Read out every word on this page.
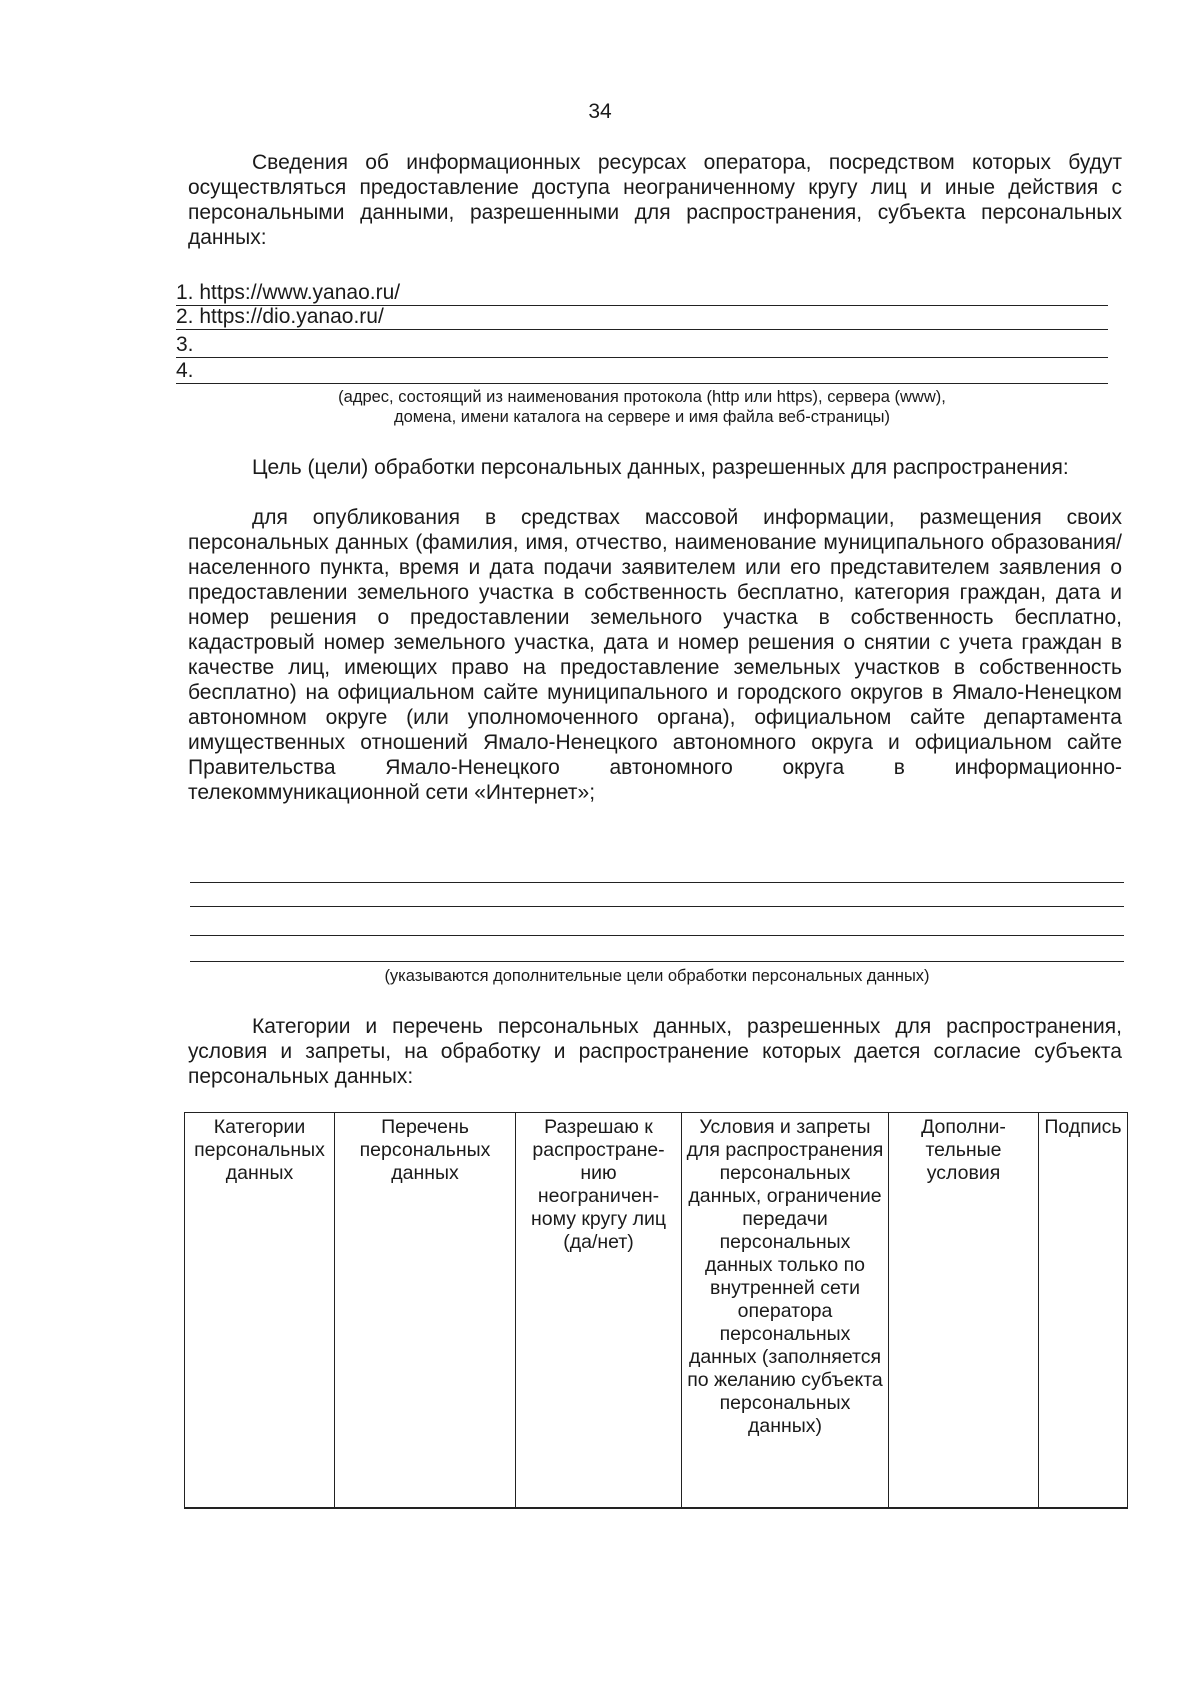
34

Сведения об информационных ресурсах оператора, посредством которых будут осуществляться предоставление доступа неограниченному кругу лиц и иные действия с персональными данными, разрешенными для распространения, субъекта персональных данных:

1. https://www.yanao.ru/
2. https://dio.yanao.ru/
3.
4.
(адрес, состоящий из наименования протокола (http или https), сервера (www),
домена, имени каталога на сервере и имя файла веб-страницы)

Цель (цели) обработки персональных данных, разрешенных для распространения:

для опубликования в средствах массовой информации, размещения своих персональных данных (фамилия, имя, отчество, наименование муниципального образования/населенного пункта, время и дата подачи заявителем или его представителем заявления о предоставлении земельного участка в собственность бесплатно, категория граждан, дата и номер решения о предоставлении земельного участка в собственность бесплатно, кадастровый номер земельного участка, дата и номер решения о снятии с учета граждан в качестве лиц, имеющих право на предоставление земельных участков в собственность бесплатно) на официальном сайте муниципального и городского округов в Ямало-Ненецком автономном округе (или уполномоченного органа), официальном сайте департамента имущественных отношений Ямало-Ненецкого автономного округа и официальном сайте Правительства Ямало-Ненецкого автономного округа в информационно-телекоммуникационной сети «Интернет»;

(указываются дополнительные цели обработки персональных данных)

Категории и перечень персональных данных, разрешенных для распространения, условия и запреты, на обработку и распространение которых дается согласие субъекта персональных данных:

Категории персональных данных	Перечень персональных данных	Разрешаю к распростране-нию неограничен-ному кругу лиц (да/нет)	Условия и запреты для распространения персональных данных, ограничение передачи персональных данных только по внутренней сети оператора персональных данных (заполняется по желанию субъекта персональных данных)	Дополни-тельные условия	Подпись
